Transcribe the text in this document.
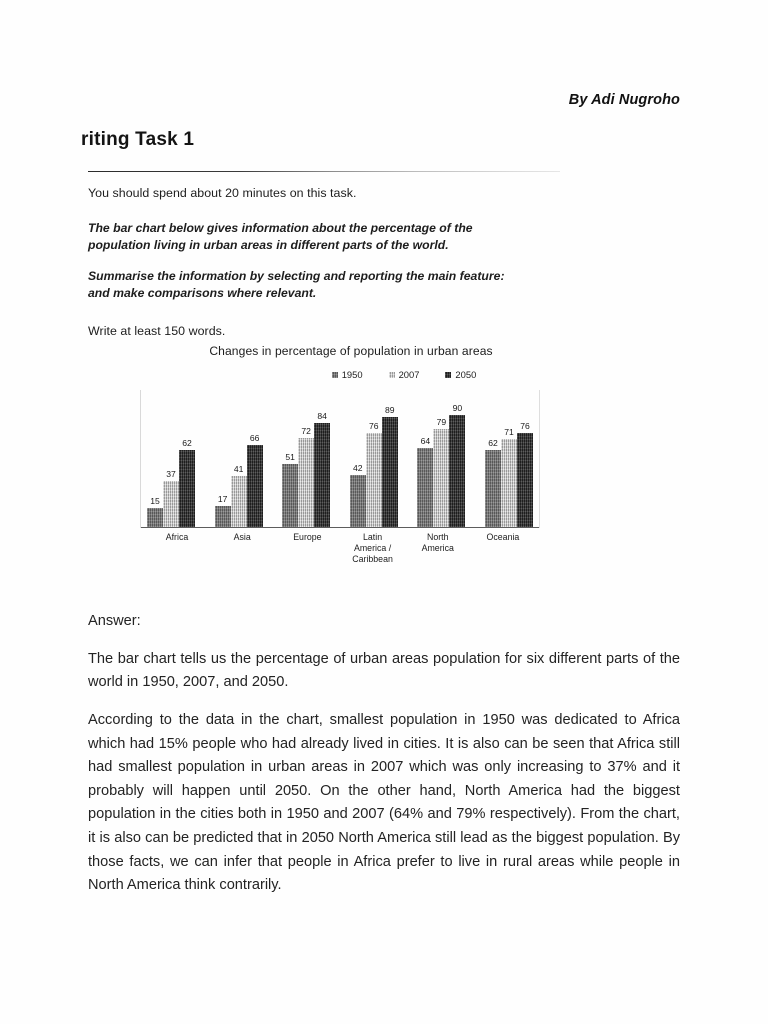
By Adi Nugroho
riting Task 1

You should spend about 20 minutes on this task.

The bar chart below gives information about the percentage of the

population living in urban areas in different parts of the world.

Summarise the information by selecting and reporting the main feature:

and make comparisons where relevant.

Write at least 150 words.

Changes in percentage of population in urban areas
1950	2007	2050
15
37
62
17
41
66
51
72
84
42
76
89
64
79
90
62
71
76
Africa	Asia	Europe	Latin
America /
Caribbean
North
America
Oceania

Answer:

The bar chart tells us the percentage of urban areas population for six different parts of the world in 1950, 2007, and 2050.

According to the data in the chart, smallest population in 1950 was dedicated to Africa which had 15% people who had already lived in cities. It is also can be seen that Africa still had smallest population in urban areas in 2007 which was only increasing to 37% and it probably will happen until 2050. On the other hand, North America had the biggest population in the cities both in 1950 and 2007 (64% and 79% respectively). From the chart, it is also can be predicted that in 2050 North America still lead as the biggest population. By those facts, we can infer that people in Africa prefer to live in rural areas while people in North America think contrarily.
